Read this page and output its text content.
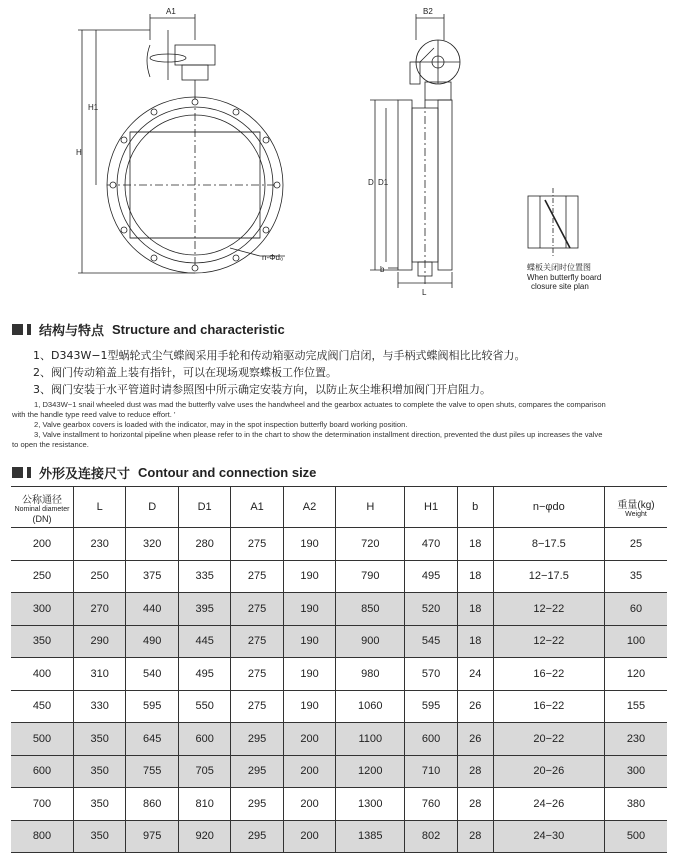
A1	B2
H
H1
D D1
b
L
n-Φd₀
蝶板关闭时位置图
When butterfly board
closure site plan
结构与特点 Structure and characteristic
1、D343W−1型蜗轮式尘气蝶阀采用手轮和传动箱驱动完成阀门启闭，与手柄式蝶阀相比比较省力。
2、阀门传动箱盖上装有指针，可以在现场观察蝶板工作位置。
3、阀门安装于水平管道时请参照图中所示确定安装方向，以防止灰尘堆积增加阀门开启阻力。

1, D343W−1 snail wheeled dust was mad the butterfly valve uses the handwheel and the gearbox actuates to complete the valve to open shuts, compares the comparison

with the handle type reed valve to reduce effort. '

2, Valve gearbox covers is loaded with the indicator, may in the spot inspection butterfly board working position.

3, Valve installment to horizontal pipeline when please refer to in the chart to show the determination installment direction, prevented the dust piles up increases the valve

to open the resistance.

外形及连接尺寸 Contour and connection size
公称通径
Nominal diameter
(DN)	L	D	D1	A1	A2	H	H1	b	n−φdo	重量(kg)
Weight

200	230	320	280	275	190	720	470	18	8−17.5	25
250	250	375	335	275	190	790	495	18	12−17.5	35
300	270	440	395	275	190	850	520	18	12−22	60
350	290	490	445	275	190	900	545	18	12−22	100
400	310	540	495	275	190	980	570	24	16−22	120
450	330	595	550	275	190	1060	595	26	16−22	155
500	350	645	600	295	200	1100	600	26	20−22	230
600	350	755	705	295	200	1200	710	28	20−26	300
700	350	860	810	295	200	1300	760	28	24−26	380
800	350	975	920	295	200	1385	802	28	24−30	500
